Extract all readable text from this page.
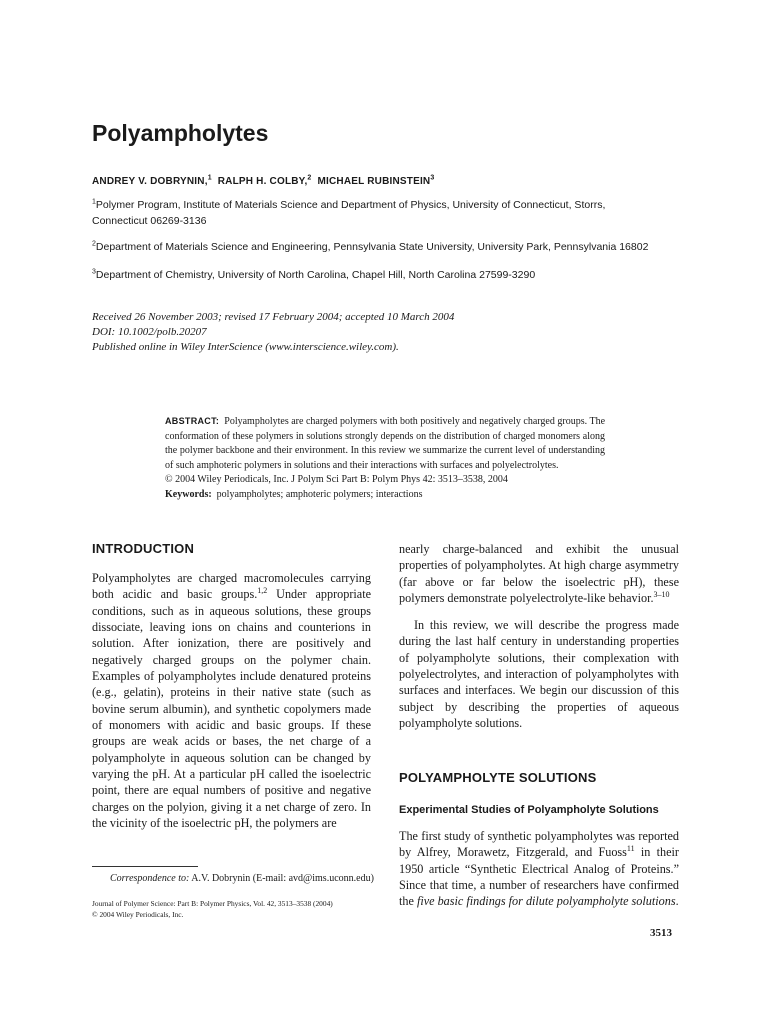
Polyampholytes
ANDREY V. DOBRYNIN,$^1$ RALPH H. COLBY,$^2$ MICHAEL RUBINSTEIN$^3$
$^1$Polymer Program, Institute of Materials Science and Department of Physics, University of Connecticut, Storrs, Connecticut 06269-3136
$^2$Department of Materials Science and Engineering, Pennsylvania State University, University Park, Pennsylvania 16802
$^3$Department of Chemistry, University of North Carolina, Chapel Hill, North Carolina 27599-3290
Received 26 November 2003; revised 17 February 2004; accepted 10 March 2004
DOI: 10.1002/polb.20207
Published online in Wiley InterScience (www.interscience.wiley.com).
ABSTRACT: Polyampholytes are charged polymers with both positively and negatively charged groups. The conformation of these polymers in solutions strongly depends on the distribution of charged monomers along the polymer backbone and their environment. In this review we summarize the current level of understanding of such amphoteric polymers in solutions and their interactions with surfaces and polyelectrolytes.
© 2004 Wiley Periodicals, Inc. J Polym Sci Part B: Polym Phys 42: 3513–3538, 2004
Keywords: polyampholytes; amphoteric polymers; interactions
INTRODUCTION
Polyampholytes are charged macromolecules carrying both acidic and basic groups.$^{1,2}$ Under appropriate conditions, such as in aqueous solutions, these groups dissociate, leaving ions on chains and counterions in solution. After ionization, there are positively and negatively charged groups on the polymer chain. Examples of polyampholytes include denatured proteins (e.g., gelatin), proteins in their native state (such as bovine serum albumin), and synthetic copolymers made of monomers with acidic and basic groups. If these groups are weak acids or bases, the net charge of a polyampholyte in aqueous solution can be changed by varying the pH. At a particular pH called the isoelectric point, there are equal numbers of positive and negative charges on the polyion, giving it a net charge of zero. In the vicinity of the isoelectric pH, the polymers are
nearly charge-balanced and exhibit the unusual properties of polyampholytes. At high charge asymmetry (far above or far below the isoelectric pH), these polymers demonstrate polyelectrolyte-like behavior.$^{3-10}$
In this review, we will describe the progress made during the last half century in understanding properties of polyampholyte solutions, their complexation with polyelectrolytes, and interaction of polyampholytes with surfaces and interfaces. We begin our discussion of this subject by describing the properties of aqueous polyampholyte solutions.
POLYAMPHOLYTE SOLUTIONS
Experimental Studies of Polyampholyte Solutions
The first study of synthetic polyampholytes was reported by Alfrey, Morawetz, Fitzgerald, and Fuoss$^{11}$ in their 1950 article “Synthetic Electrical Analog of Proteins.” Since that time, a number of researchers have confirmed the five basic findings for dilute polyampholyte solutions.
Correspondence to: A.V. Dobrynin (E-mail: avd@ims.uconn.edu)
Journal of Polymer Science: Part B: Polymer Physics, Vol. 42, 3513–3538 (2004)
© 2004 Wiley Periodicals, Inc.
3513
